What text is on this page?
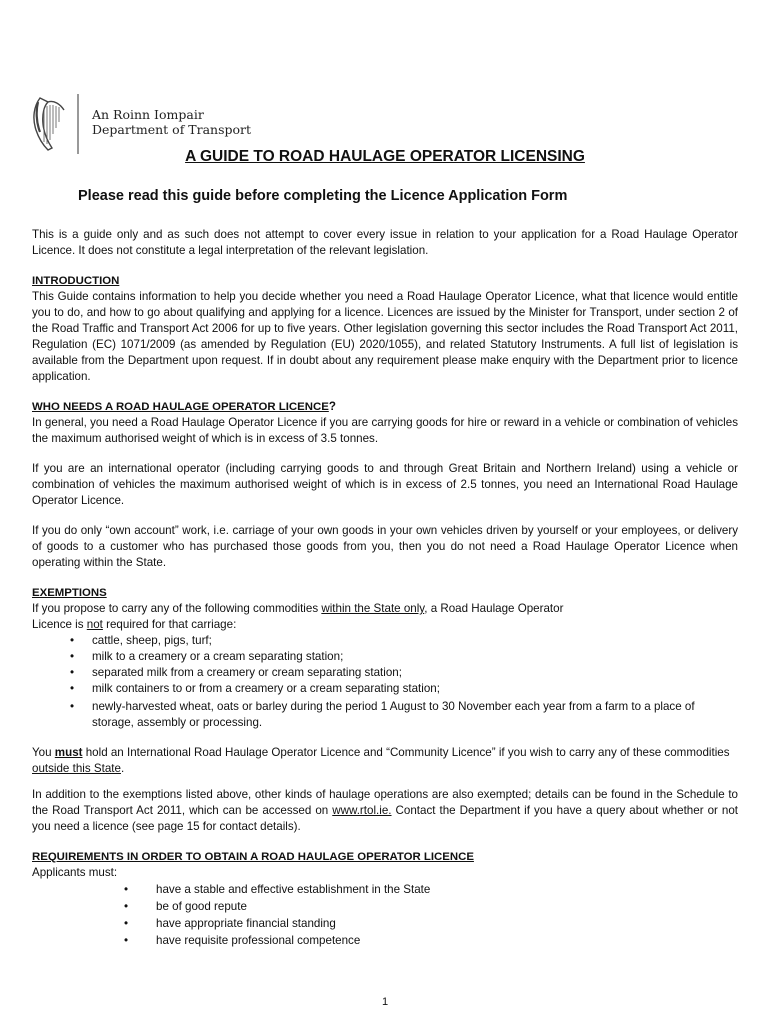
An Roinn Iompair
Department of Transport
A GUIDE TO ROAD HAULAGE OPERATOR LICENSING
Please read this guide before completing the Licence Application Form

This is a guide only and as such does not attempt to cover every issue in relation to your application for a Road Haulage Operator Licence. It does not constitute a legal interpretation of the relevant legislation.

INTRODUCTION

This Guide contains information to help you decide whether you need a Road Haulage Operator Licence, what that licence would entitle you to do, and how to go about qualifying and applying for a licence. Licences are issued by the Minister for Transport, under section 2 of the Road Traffic and Transport Act 2006 for up to five years. Other legislation governing this sector includes the Road Transport Act 2011, Regulation (EC) 1071/2009 (as amended by Regulation (EU) 2020/1055), and related Statutory Instruments. A full list of legislation is available from the Department upon request. If in doubt about any requirement please make enquiry with the Department prior to licence application.

WHO NEEDS A ROAD HAULAGE OPERATOR LICENCE?

In general, you need a Road Haulage Operator Licence if you are carrying goods for hire or reward in a vehicle or combination of vehicles the maximum authorised weight of which is in excess of 3.5 tonnes.

If you are an international operator (including carrying goods to and through Great Britain and Northern Ireland) using a vehicle or combination of vehicles the maximum authorised weight of which is in excess of 2.5 tonnes, you need an International Road Haulage Operator Licence.

If you do only “own account” work, i.e. carriage of your own goods in your own vehicles driven by yourself or your employees, or delivery of goods to a customer who has purchased those goods from you, then you do not need a Road Haulage Operator Licence when operating within the State.

EXEMPTIONS
If you propose to carry any of the following commodities within the State only, a Road Haulage Operator
Licence is not required for that carriage:
• cattle, sheep, pigs, turf;
• milk to a creamery or a cream separating station;
• separated milk from a creamery or cream separating station;
• milk containers to or from a creamery or a cream separating station;
• newly-harvested wheat, oats or barley during the period 1 August to 30 November each year from a farm to a place of storage, assembly or processing.

You must hold an International Road Haulage Operator Licence and “Community Licence” if you wish to carry any of these commodities outside this State.

In addition to the exemptions listed above, other kinds of haulage operations are also exempted; details can be found in the Schedule to the Road Transport Act 2011, which can be accessed on www.rtol.ie. Contact the Department if you have a query about whether or not you need a licence (see page 15 for contact details).

REQUIREMENTS IN ORDER TO OBTAIN A ROAD HAULAGE OPERATOR LICENCE
Applicants must:
• have a stable and effective establishment in the State
• be of good repute
• have appropriate financial standing
• have requisite professional competence
1
